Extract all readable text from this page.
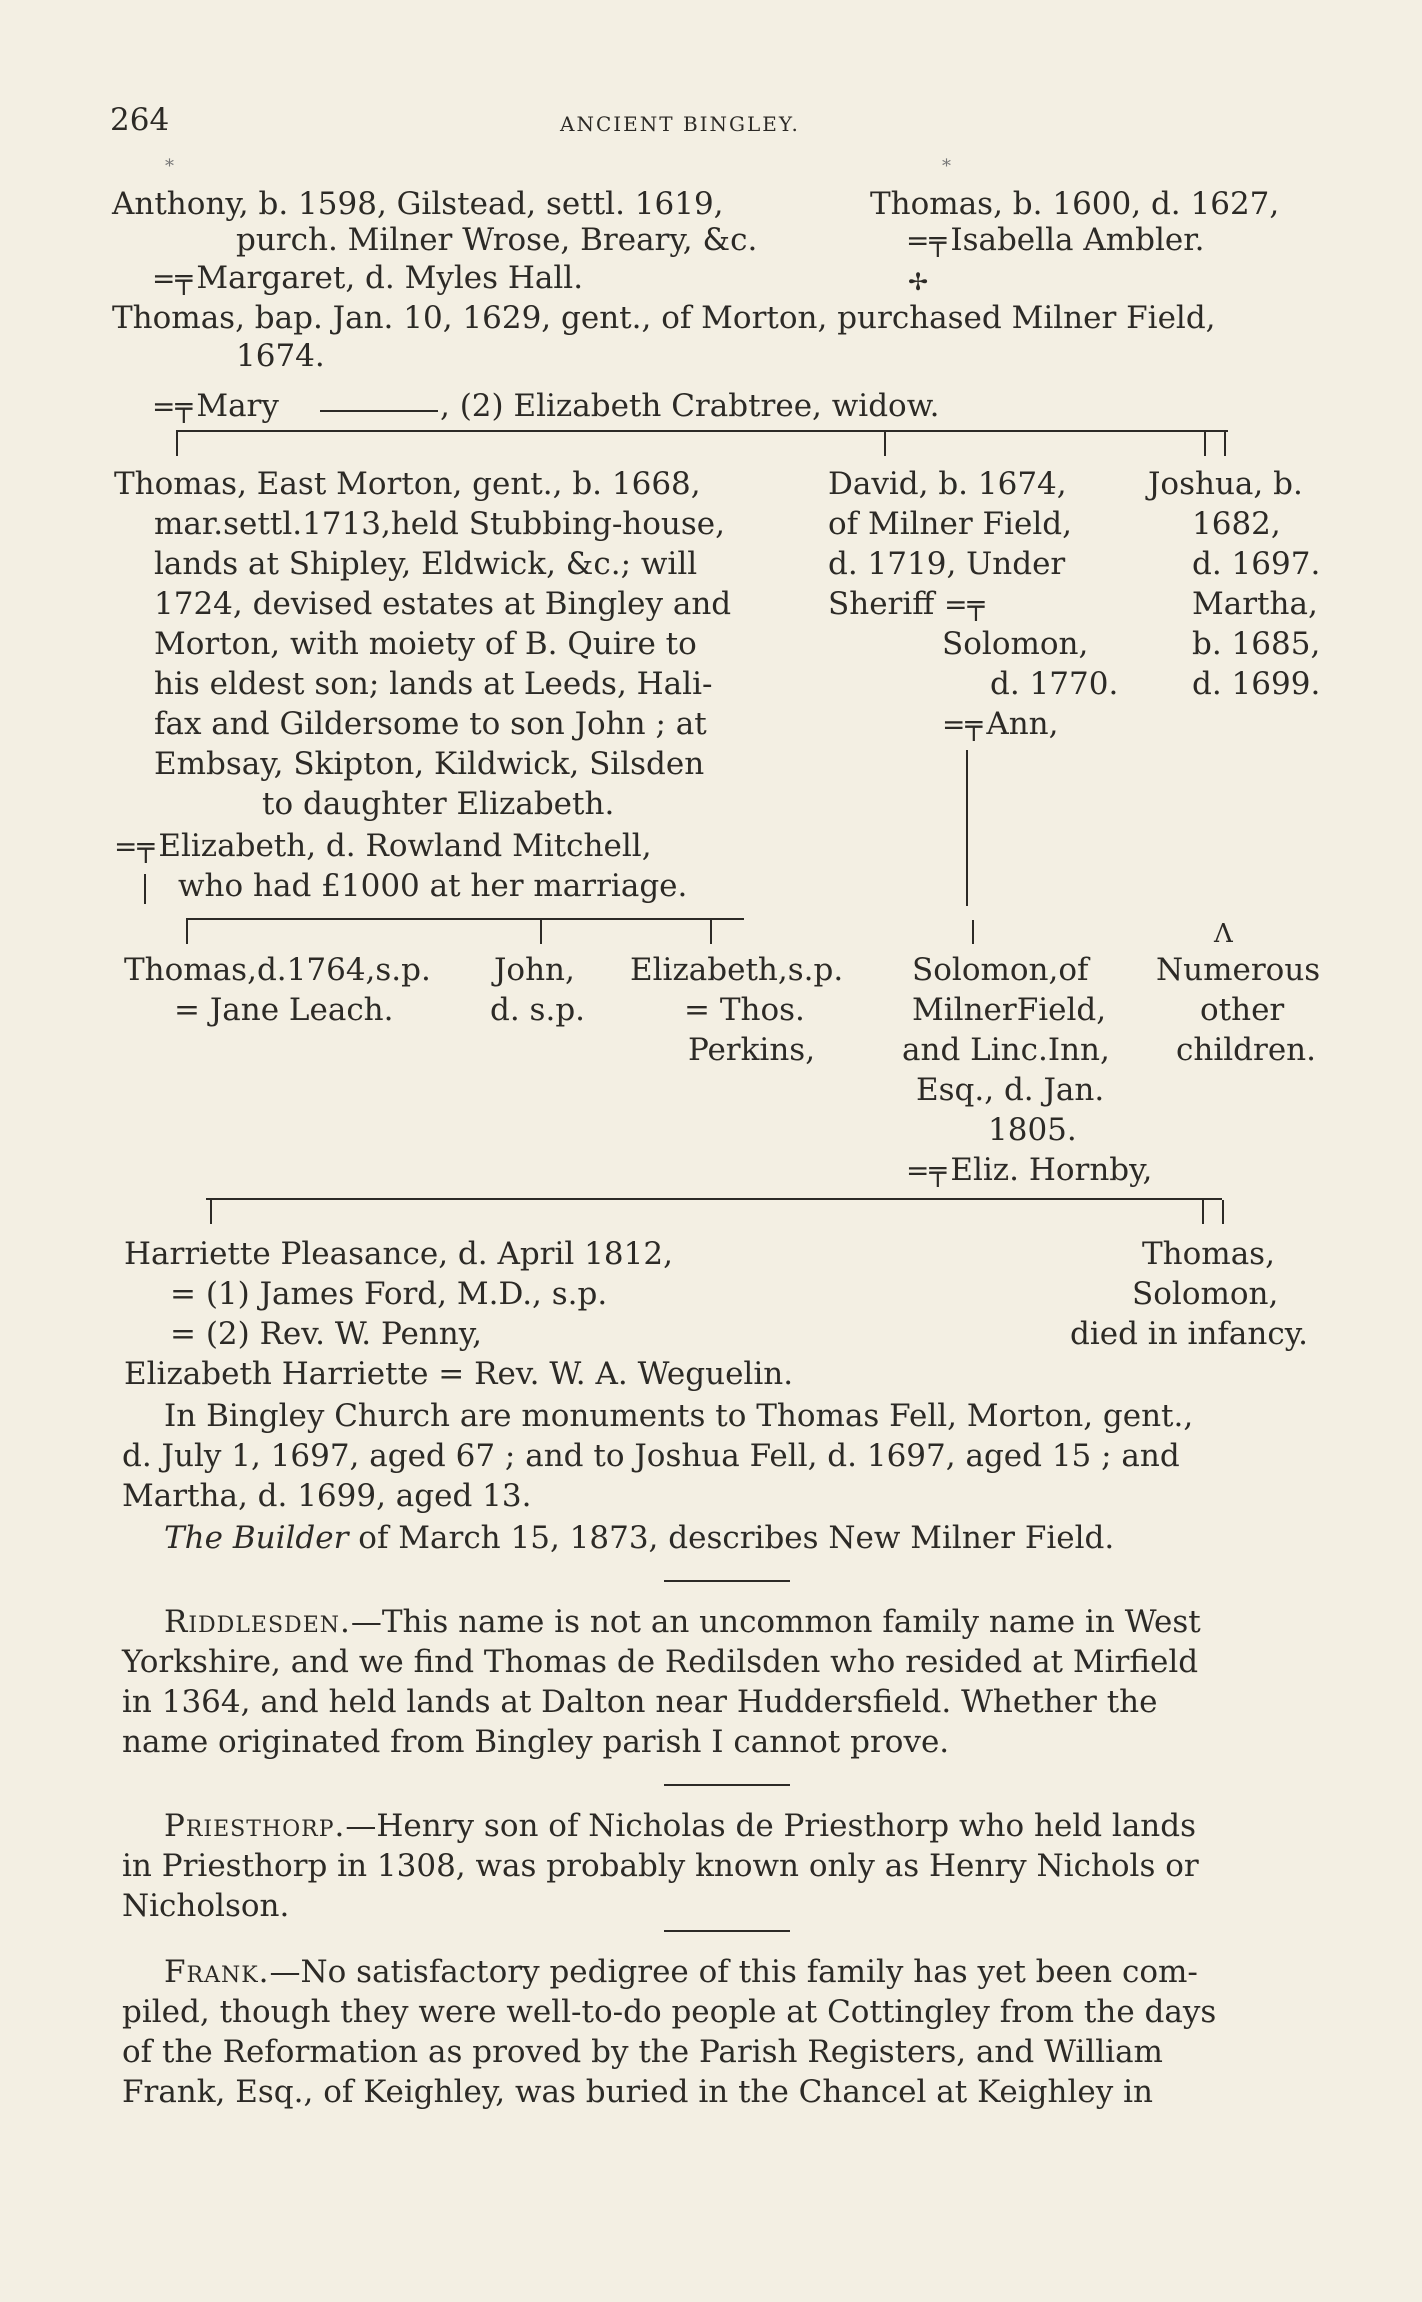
264	ANCIENT BINGLEY.
⁎	⁎
Anthony, b. 1598, Gilstead, settl. 1619,
purch. Milner Wrose, Breary, &c.
=╤ Margaret, d. Myles Hall.
Thomas, b. 1600, d. 1627,
=╤ Isabella Ambler.
✢
Thomas, bap. Jan. 10, 1629, gent., of Morton, purchased Milner Field,
1674.
=╤ Mary	, (2) Elizabeth Crabtree, widow.
Thomas, East Morton, gent., b. 1668,
mar.settl.1713,held Stubbing-house,
lands at Shipley, Eldwick, &c.; will
1724, devised estates at Bingley and
Morton, with moiety of B. Quire to
his eldest son; lands at Leeds, Hali-
fax and Gildersome to son John ; at
Embsay, Skipton, Kildwick, Silsden
to daughter Elizabeth.
=╤ Elizabeth, d. Rowland Mitchell,
who had £1000 at her marriage.
David, b. 1674,
of Milner Field,
d. 1719, Under
Sheriff =╤
Solomon,
d. 1770.
=╤ Ann,
Joshua, b.
1682,
d. 1697.
Martha,
b. 1685,
d. 1699.
Λ
Thomas,d.1764,s.p.
= Jane Leach.
John,
d. s.p.
Elizabeth,s.p.
= Thos.
Perkins,
Solomon,of
MilnerField,
and Linc.Inn,
Esq., d. Jan.
1805.
=╤ Eliz. Hornby,
Numerous
other
children.
Harriette Pleasance, d. April 1812,
= (1) James Ford, M.D., s.p.
= (2) Rev. W. Penny,
Thomas,
Solomon,
died in infancy.
Elizabeth Harriette = Rev. W. A. Weguelin.
In Bingley Church are monuments to Thomas Fell, Morton, gent.,
d. July 1, 1697, aged 67 ; and to Joshua Fell, d. 1697, aged 15 ; and
Martha, d. 1699, aged 13.
The Builder of March 15, 1873, describes New Milner Field.
Riddlesden.—This name is not an uncommon family name in West
Yorkshire, and we find Thomas de Redilsden who resided at Mirfield
in 1364, and held lands at Dalton near Huddersfield. Whether the
name originated from Bingley parish I cannot prove.
Priesthorp.—Henry son of Nicholas de Priesthorp who held lands
in Priesthorp in 1308, was probably known only as Henry Nichols or
Nicholson.
Frank.—No satisfactory pedigree of this family has yet been com-
piled, though they were well-to-do people at Cottingley from the days
of the Reformation as proved by the Parish Registers, and William
Frank, Esq., of Keighley, was buried in the Chancel at Keighley in
